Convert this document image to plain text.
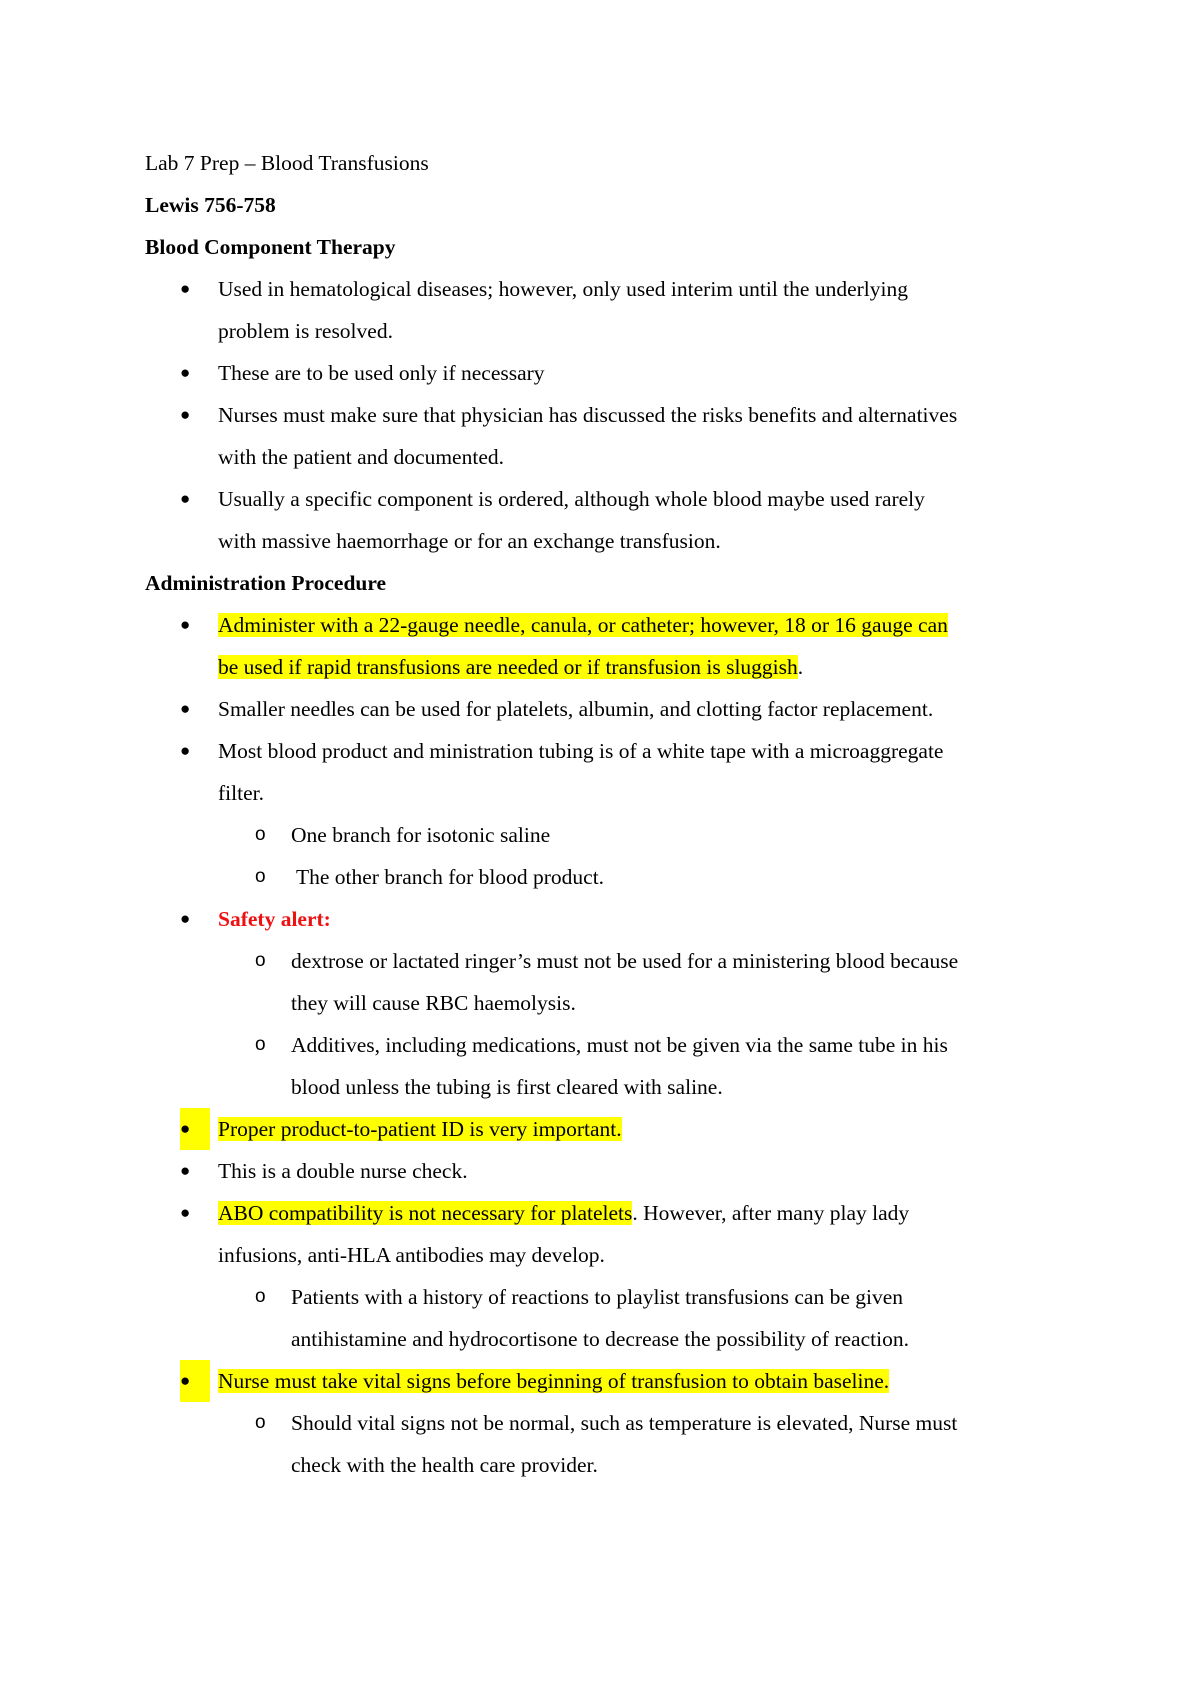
Lab 7 Prep – Blood Transfusions

Lewis 756-758

Blood Component Therapy

● Used in hematological diseases; however, only used interim until the underlying
problem is resolved.
● These are to be used only if necessary
● Nurses must make sure that physician has discussed the risks benefits and alternatives
with the patient and documented.
● Usually a specific component is ordered, although whole blood maybe used rarely
with massive haemorrhage or for an exchange transfusion.

Administration Procedure

● Administer with a 22-gauge needle, canula, or catheter; however, 18 or 16 gauge can
be used if rapid transfusions are needed or if transfusion is sluggish.
● Smaller needles can be used for platelets, albumin, and clotting factor replacement.
● Most blood product and ministration tubing is of a white tape with a microaggregate
filter.
o One branch for isotonic saline
o The other branch for blood product.
● Safety alert:
o dextrose or lactated ringer’s must not be used for a ministering blood because
they will cause RBC haemolysis.
o Additives, including medications, must not be given via the same tube in his
blood unless the tubing is first cleared with saline.
●	Proper product-to-patient ID is very important.
● This is a double nurse check.
● ABO compatibility is not necessary for platelets. However, after many play lady
infusions, anti-HLA antibodies may develop.
o Patients with a history of reactions to playlist transfusions can be given
antihistamine and hydrocortisone to decrease the possibility of reaction.
●	Nurse must take vital signs before beginning of transfusion to obtain baseline.
o Should vital signs not be normal, such as temperature is elevated, Nurse must
check with the health care provider.
